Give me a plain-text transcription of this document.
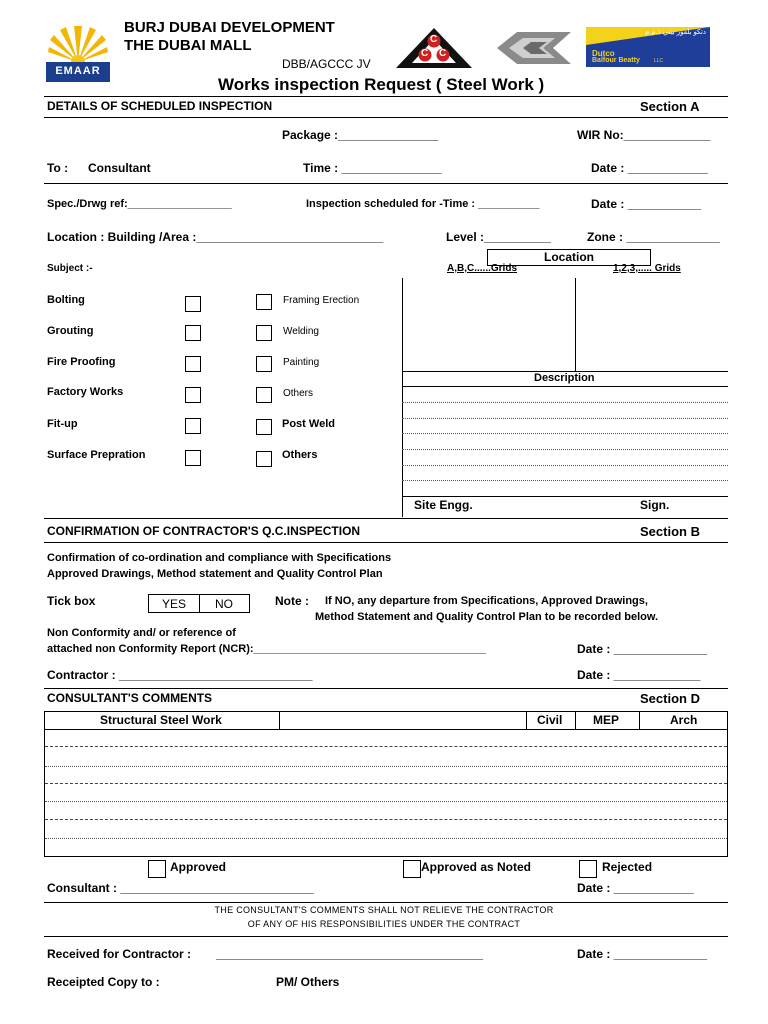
EMAAR
BURJ DUBAI DEVELOPMENT
THE DUBAI MALL
DBB/AGCCC JV
C
C C
دتكو بلفور بيتي ذ.م.م
Dutco
Balfour Beatty	LLC
Works inspection Request ( Steel Work )
DETAILS OF SCHEDULED INSPECTION	Section A
Package :_______________	WIR No:_____________
To : Consultant	Time : _______________	Date : ____________
Spec./Drwg ref:_________________	Inspection scheduled for -Time : __________	Date : ___________
Location : Building /Area :____________________________	Level :__________	Zone : ______________
Subject :-
Location
A,B,C......Grids	1,2,3,..... Grids
Description
Site Engg.	Sign.
Bolting	Framing Erection
Grouting	Welding
Fire Proofing	Painting
Factory Works	Others
Fit-up	Post Weld
Surface Prepration	Others
CONFIRMATION OF CONTRACTOR'S Q.C.INSPECTION	Section B
Confirmation of co-ordination and compliance with Specifications
Approved Drawings, Method statement and Quality Control Plan
Tick box	YES NO	Note : If NO, any departure from Specifications, Approved Drawings,
Method Statement and Quality Control Plan to be recorded below.
Non Conformity and/ or reference of
attached non Conformity Report (NCR):______________________________________	Date : ______________
Contractor : _____________________________	Date : _____________
CONSULTANT'S COMMENTS	Section D
Structural Steel Work	Civil	MEP	Arch
Approved	Approved as Noted	Rejected
Consultant : _____________________________	Date : ____________
THE CONSULTANT'S COMMENTS SHALL NOT RELIEVE THE CONTRACTOR
OF ANY OF HIS RESPONSIBILITIES UNDER THE CONTRACT
Received for Contractor : ________________________________________	Date : ______________
Receipted Copy to :	PM/ Others
